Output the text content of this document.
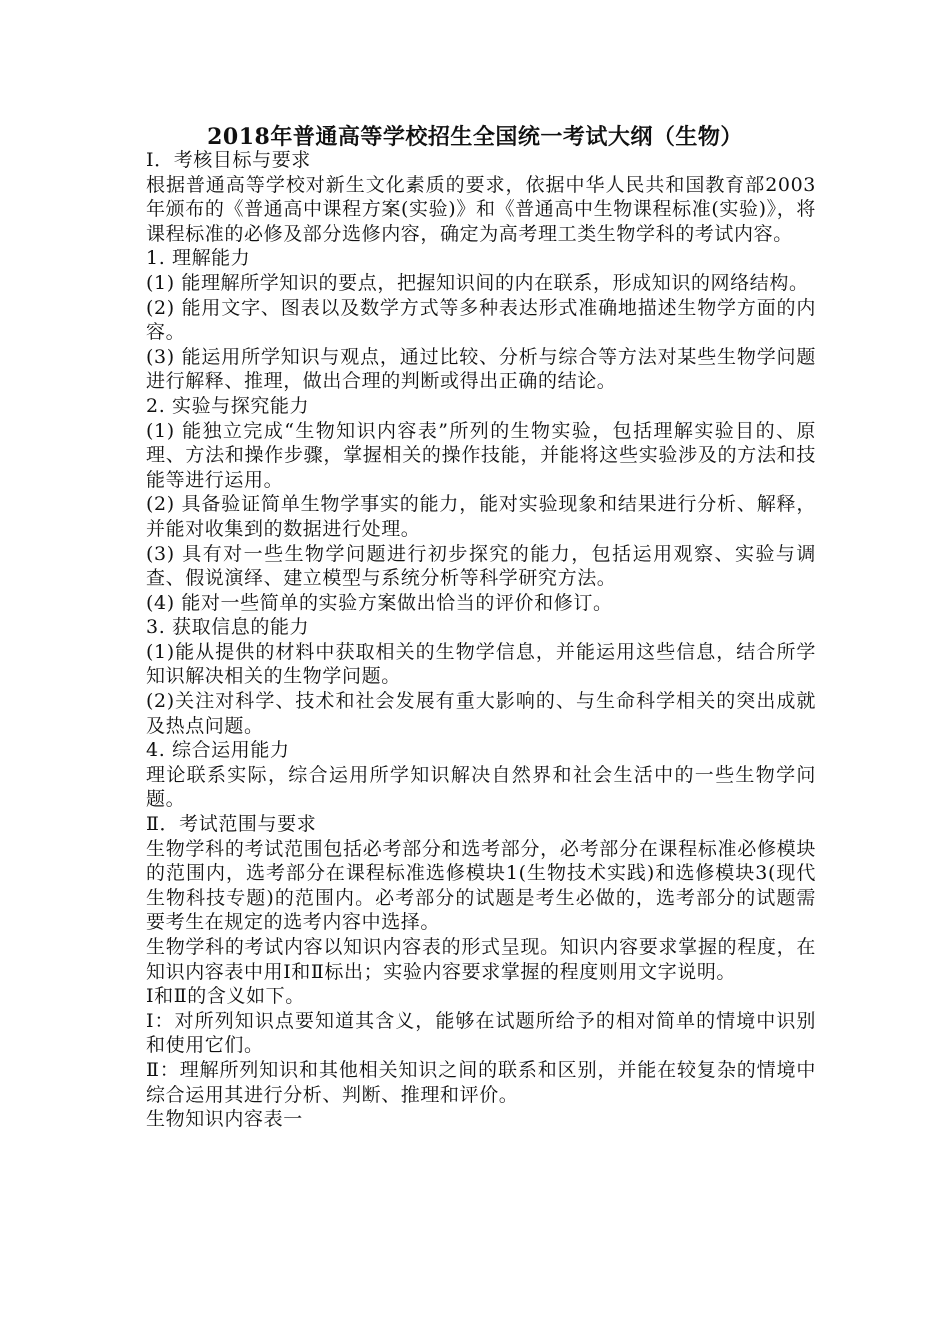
2018年普通高等学校招生全国统一考试大纲（生物）

Ⅰ．考核目标与要求

根据普通高等学校对新生文化素质的要求，依据中华人民共和国教育部2003年颁布的《普通高中课程方案(实验)》和《普通高中生物课程标准(实验)》，将课程标准的必修及部分选修内容，确定为高考理工类生物学科的考试内容。

1. 理解能力

(1) 能理解所学知识的要点，把握知识间的内在联系，形成知识的网络结构。

(2) 能用文字、图表以及数学方式等多种表达形式准确地描述生物学方面的内容。

(3) 能运用所学知识与观点，通过比较、分析与综合等方法对某些生物学问题进行解释、推理，做出合理的判断或得出正确的结论。

2. 实验与探究能力

(1) 能独立完成“生物知识内容表”所列的生物实验，包括理解实验目的、原理、方法和操作步骤，掌握相关的操作技能，并能将这些实验涉及的方法和技能等进行运用。

(2) 具备验证简单生物学事实的能力，能对实验现象和结果进行分析、解释，并能对收集到的数据进行处理。

(3) 具有对一些生物学问题进行初步探究的能力，包括运用观察、实验与调查、假说演绎、建立模型与系统分析等科学研究方法。

(4) 能对一些简单的实验方案做出恰当的评价和修订。

3. 获取信息的能力

(1)能从提供的材料中获取相关的生物学信息，并能运用这些信息，结合所学知识解决相关的生物学问题。

(2)关注对科学、技术和社会发展有重大影响的、与生命科学相关的突出成就及热点问题。

4. 综合运用能力

理论联系实际，综合运用所学知识解决自然界和社会生活中的一些生物学问题。

Ⅱ．考试范围与要求

生物学科的考试范围包括必考部分和选考部分，必考部分在课程标准必修模块的范围内，选考部分在课程标准选修模块1(生物技术实践)和选修模块3(现代生物科技专题)的范围内。必考部分的试题是考生必做的，选考部分的试题需要考生在规定的选考内容中选择。

生物学科的考试内容以知识内容表的形式呈现。知识内容要求掌握的程度，在知识内容表中用Ⅰ和Ⅱ标出；实验内容要求掌握的程度则用文字说明。

Ⅰ和Ⅱ的含义如下。

Ⅰ：对所列知识点要知道其含义，能够在试题所给予的相对简单的情境中识别和使用它们。

Ⅱ：理解所列知识和其他相关知识之间的联系和区别，并能在较复杂的情境中综合运用其进行分析、判断、推理和评价。

生物知识内容表一
